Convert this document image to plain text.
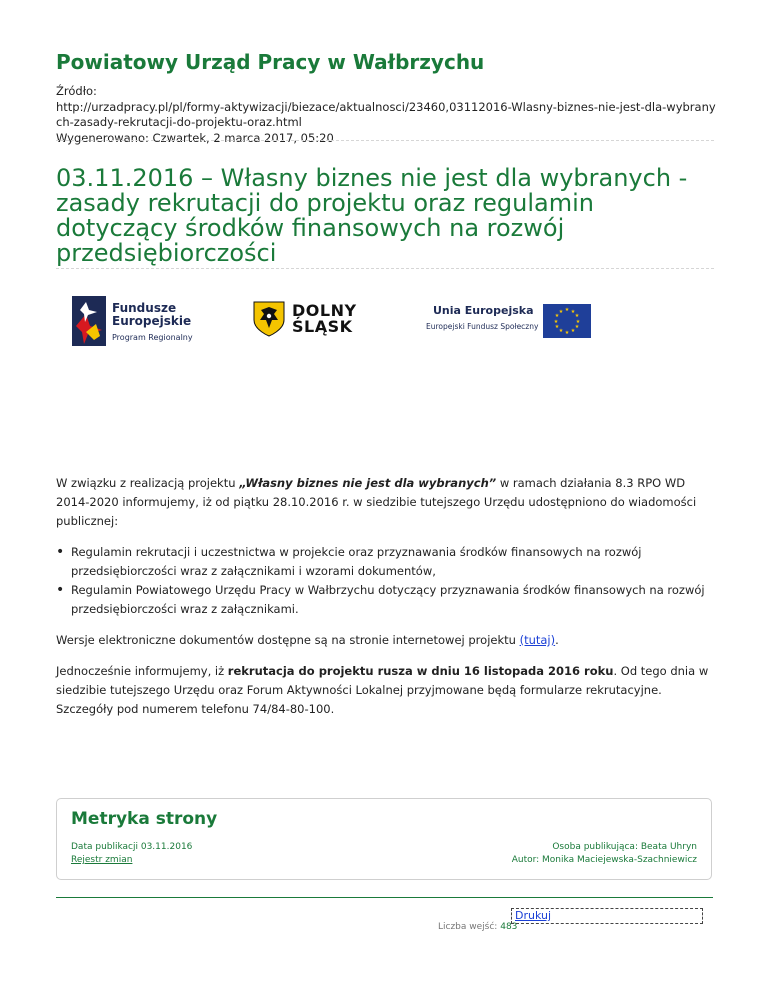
Powiatowy Urząd Pracy w Wałbrzychu
Źródło:
http://urzadpracy.pl/pl/formy-aktywizacji/biezace/aktualnosci/23460,03112016-Wlasny-biznes-nie-jest-dla-wybranych-zasady-rekrutacji-do-projektu-oraz.html
Wygenerowano: Czwartek, 2 marca 2017, 05:20
03.11.2016 – Własny biznes nie jest dla wybranych - zasady rekrutacji do projektu oraz regulamin dotyczący środków finansowych na rozwój przedsiębiorczości
Fundusze
Europejskie
Program Regionalny
DOLNY
ŚLĄSK
Unia Europejska
Europejski Fundusz Społeczny
★ ★
★
★
★
★
★
★
★
★
★
★

W związku z realizacją projektu „Własny biznes nie jest dla wybranych” w ramach działania 8.3 RPO WD 2014-2020 informujemy, iż od piątku 28.10.2016 r. w siedzibie tutejszego Urzędu udostępniono do wiadomości publicznej:

• Regulamin rekrutacji i uczestnictwa w projekcie oraz przyznawania środków finansowych na rozwój przedsiębiorczości wraz z załącznikami i wzorami dokumentów,
• Regulamin Powiatowego Urzędu Pracy w Wałbrzychu dotyczący przyznawania środków finansowych na rozwój przedsiębiorczości wraz z załącznikami.

Wersje elektroniczne dokumentów dostępne są na stronie internetowej projektu (tutaj).

Jednocześnie informujemy, iż rekrutacja do projektu rusza w dniu 16 listopada 2016 roku. Od tego dnia w siedzibie tutejszego Urzędu oraz Forum Aktywności Lokalnej przyjmowane będą formularze rekrutacyjne. Szczegóły pod numerem telefonu 74/84-80-100.

Metryka strony
Data publikacji 03.11.2016
Rejestr zmian
Osoba publikująca: Beata Uhryn
Autor: Monika Maciejewska-Szachniewicz
Liczba wejść: 483
Drukuj
